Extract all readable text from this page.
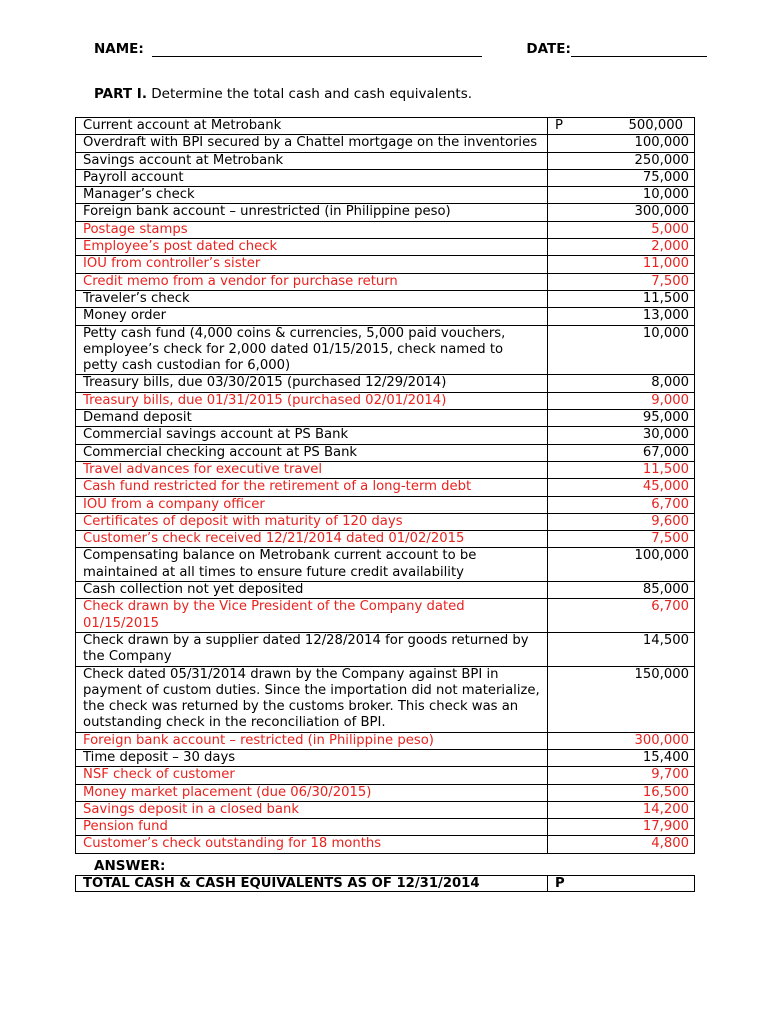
NAME:	DATE:
PART I. Determine the total cash and cash equivalents.
Current account at Metrobank	P 500,000
Overdraft with BPI secured by a Chattel mortgage on the inventories	100,000
Savings account at Metrobank	250,000
Payroll account	75,000
Manager’s check	10,000
Foreign bank account – unrestricted (in Philippine peso)	300,000
Postage stamps	5,000
Employee’s post dated check	2,000
IOU from controller’s sister	11,000
Credit memo from a vendor for purchase return	7,500
Traveler’s check	11,500
Money order	13,000
Petty cash fund (4,000 coins & currencies, 5,000 paid vouchers, employee’s check for 2,000 dated 01/15/2015, check named to petty cash custodian for 6,000)	10,000
Treasury bills, due 03/30/2015 (purchased 12/29/2014)	8,000
Treasury bills, due 01/31/2015 (purchased 02/01/2014)	9,000
Demand deposit	95,000
Commercial savings account at PS Bank	30,000
Commercial checking account at PS Bank	67,000
Travel advances for executive travel	11,500
Cash fund restricted for the retirement of a long-term debt	45,000
IOU from a company officer	6,700
Certificates of deposit with maturity of 120 days	9,600
Customer’s check received 12/21/2014 dated 01/02/2015	7,500
Compensating balance on Metrobank current account to be maintained at all times to ensure future credit availability	100,000
Cash collection not yet deposited	85,000
Check drawn by the Vice President of the Company dated 01/15/2015	6,700
Check drawn by a supplier dated 12/28/2014 for goods returned by the Company	14,500
Check dated 05/31/2014 drawn by the Company against BPI in payment of custom duties. Since the importation did not materialize, the check was returned by the customs broker. This check was an outstanding check in the reconciliation of BPI.	150,000
Foreign bank account – restricted (in Philippine peso)	300,000
Time deposit – 30 days	15,400
NSF check of customer	9,700
Money market placement (due 06/30/2015)	16,500
Savings deposit in a closed bank	14,200
Pension fund	17,900
Customer’s check outstanding for 18 months	4,800
ANSWER:
TOTAL CASH & CASH EQUIVALENTS AS OF 12/31/2014	P
